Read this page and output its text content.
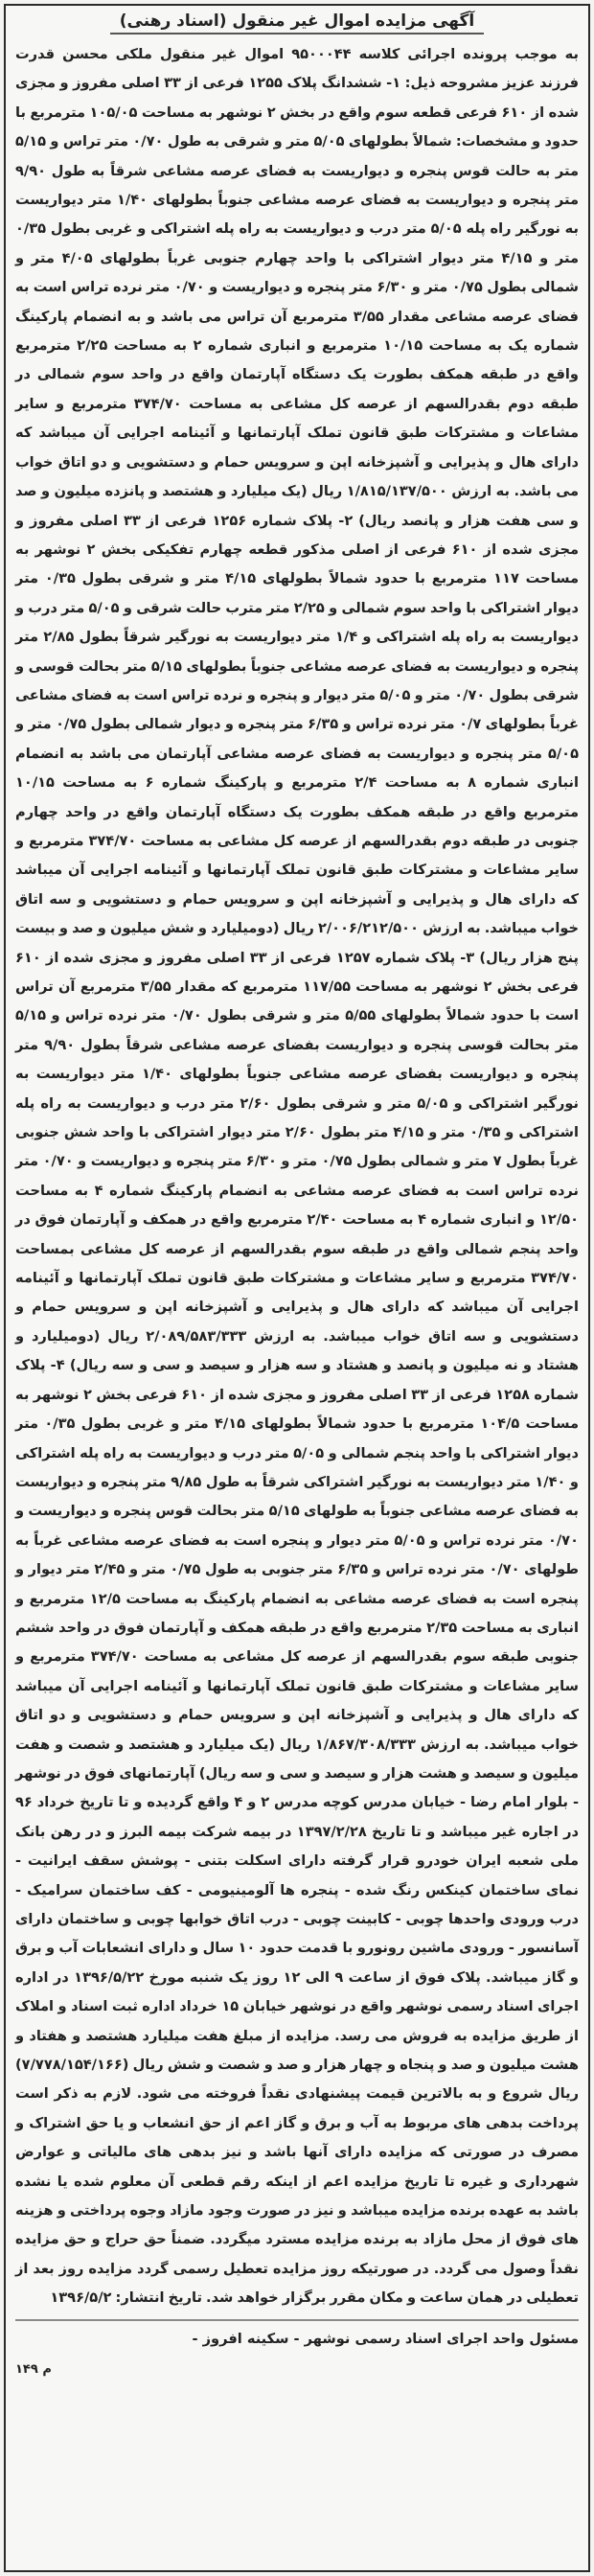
آگهی مزایده اموال غیر منقول (اسناد رهنی)

به موجب پرونده اجرائی کلاسه ۹۵۰۰۰۴۴ اموال غیر منقول ملکی محسن قدرت فرزند عزیز مشروحه ذیل: ۱- ششدانگ پلاک ۱۲۵۵ فرعی از ۳۳ اصلی مفروز و مجزی شده از ۶۱۰ فرعی قطعه سوم واقع در بخش ۲ نوشهر به مساحت ۱۰۵/۰۵ مترمربع با حدود و مشخصات: شمالاً بطولهای ۵/۰۵ متر و شرقی به طول ۰/۷۰ متر تراس و ۵/۱۵ متر به حالت قوس پنجره و دیواریست به فضای عرصه مشاعی شرقاً به طول ۹/۹۰ متر پنجره و دیواریست به فضای عرصه مشاعی جنوباً بطولهای ۱/۴۰ متر دیواریست به نورگیر راه پله ۵/۰۵ متر درب و دیواریست به راه پله اشتراکی و غربی بطول ۰/۳۵ متر و ۴/۱۵ متر دیوار اشتراکی با واحد چهارم جنوبی غرباً بطولهای ۴/۰۵ متر و شمالی بطول ۰/۷۵ متر و ۶/۳۰ متر پنجره و دیواریست و ۰/۷۰ متر نرده تراس است به فضای عرصه مشاعی مقدار ۳/۵۵ مترمربع آن تراس می باشد و به انضمام پارکینگ شماره یک به مساحت ۱۰/۱۵ مترمربع و انباری شماره ۲ به مساحت ۲/۲۵ مترمربع واقع در طبقه همکف بطورت یک دستگاه آپارتمان واقع در واحد سوم شمالی در طبقه دوم بقدرالسهم از عرصه کل مشاعی به مساحت ۳۷۴/۷۰ مترمربع و سایر مشاعات و مشترکات طبق قانون تملک آپارتمانها و آئینامه اجرایی آن میباشد که دارای هال و پذیرایی و آشپزخانه اپن و سرویس حمام و دستشویی و دو اتاق خواب می باشد. به ارزش ۱/۸۱۵/۱۳۷/۵۰۰ ریال (یک میلیارد و هشتصد و پانزده میلیون و صد و سی هفت هزار و پانصد ریال) ۲- پلاک شماره ۱۲۵۶ فرعی از ۳۳ اصلی مفروز و مجزی شده از ۶۱۰ فرعی از اصلی مذکور قطعه چهارم تفکیکی بخش ۲ نوشهر به مساحت ۱۱۷ مترمربع با حدود شمالاً بطولهای ۴/۱۵ متر و شرقی بطول ۰/۳۵ متر دیوار اشتراکی با واحد سوم شمالی و ۲/۲۵ متر مترب حالت شرقی و ۵/۰۵ متر درب و دیواریست به راه پله اشتراکی و ۱/۴ متر دیواریست به نورگیر شرقاً بطول ۲/۸۵ متر پنجره و دیواریست به فضای عرصه مشاعی جنوباً بطولهای ۵/۱۵ متر بحالت قوسی و شرقی بطول ۰/۷۰ متر و ۵/۰۵ متر دیوار و پنجره و نرده تراس است به فضای مشاعی غرباً بطولهای ۰/۷ متر نرده تراس و ۶/۳۵ متر پنجره و دیوار شمالی بطول ۰/۷۵ متر و ۵/۰۵ متر پنجره و دیواریست به فضای عرصه مشاعی آپارتمان می باشد به انضمام انباری شماره ۸ به مساحت ۲/۴ مترمربع و پارکینگ شماره ۶ به مساحت ۱۰/۱۵ مترمربع واقع در طبقه همکف بطورت یک دستگاه آپارتمان واقع در واحد چهارم جنوبی در طبقه دوم بقدرالسهم از عرصه کل مشاعی به مساحت ۳۷۴/۷۰ مترمربع و سایر مشاعات و مشترکات طبق قانون تملک آپارتمانها و آئینامه اجرایی آن میباشد که دارای هال و پذیرایی و آشپزخانه اپن و سرویس حمام و دستشویی و سه اتاق خواب میباشد. به ارزش ۲/۰۰۶/۲۱۲/۵۰۰ ریال (دومیلیارد و شش میلیون و صد و بیست پنج هزار ریال) ۳- پلاک شماره ۱۲۵۷ فرعی از ۳۳ اصلی مفروز و مجزی شده از ۶۱۰ فرعی بخش ۲ نوشهر به مساحت ۱۱۷/۵۵ مترمربع که مقدار ۳/۵۵ مترمربع آن تراس است با حدود شمالاً بطولهای ۵/۵۵ متر و شرقی بطول ۰/۷۰ متر نرده تراس و ۵/۱۵ متر بحالت قوسی پنجره و دیواریست بفضای عرصه مشاعی شرقاً بطول ۹/۹۰ متر پنجره و دیواریست بفضای عرصه مشاعی جنوباً بطولهای ۱/۴۰ متر دیواریست به نورگیر اشتراکی و ۵/۰۵ متر و شرقی بطول ۲/۶۰ متر درب و دیواریست به راه پله اشتراکی و ۰/۳۵ متر و ۴/۱۵ متر بطول ۲/۶۰ متر دیوار اشتراکی با واحد شش جنوبی غرباً بطول ۷ متر و شمالی بطول ۰/۷۵ متر و ۶/۳۰ متر پنجره و دیواریست و ۰/۷۰ متر نرده تراس است به فضای عرصه مشاعی به انضمام پارکینگ شماره ۴ به مساحت ۱۲/۵۰ و انباری شماره ۴ به مساحت ۲/۴۰ مترمربع واقع در همکف و آپارتمان فوق در واحد پنجم شمالی واقع در طبقه سوم بقدرالسهم از عرصه کل مشاعی بمساحت ۳۷۴/۷۰ مترمربع و سایر مشاعات و مشترکات طبق قانون تملک آپارتمانها و آئینامه اجرایی آن میباشد که دارای هال و پذیرایی و آشپزخانه اپن و سرویس حمام و دستشویی و سه اتاق خواب میباشد. به ارزش ۲/۰۸۹/۵۸۳/۳۳۳ ریال (دومیلیارد و هشتاد و نه میلیون و پانصد و هشتاد و سه هزار و سیصد و سی و سه ریال) ۴- پلاک شماره ۱۲۵۸ فرعی از ۳۳ اصلی مفروز و مجزی شده از ۶۱۰ فرعی بخش ۲ نوشهر به مساحت ۱۰۴/۵ مترمربع با حدود شمالاً بطولهای ۴/۱۵ متر و غربی بطول ۰/۳۵ متر دیوار اشتراکی با واحد پنجم شمالی و ۵/۰۵ متر درب و دیواریست به راه پله اشتراکی و ۱/۴۰ متر دیواریست به نورگیر اشتراکی شرقاً به طول ۹/۸۵ متر پنجره و دیواریست به فضای عرصه مشاعی جنوباً به طولهای ۵/۱۵ متر بحالت قوس پنجره و دیواریست و ۰/۷۰ متر نرده تراس و ۵/۰۵ متر دیوار و پنجره است به فضای عرصه مشاعی غرباً به طولهای ۰/۷۰ متر نرده تراس و ۶/۳۵ متر جنوبی به طول ۰/۷۵ متر و ۲/۴۵ متر دیوار و پنجره است به فضای عرصه مشاعی به انضمام پارکینگ به مساحت ۱۲/۵ مترمربع و انباری به مساحت ۲/۳۵ مترمربع واقع در طبقه همکف و آپارتمان فوق در واحد ششم جنوبی طبقه سوم بقدرالسهم از عرصه کل مشاعی به مساحت ۳۷۴/۷۰ مترمربع و سایر مشاعات و مشترکات طبق قانون تملک آپارتمانها و آئینامه اجرایی آن میباشد که دارای هال و پذیرایی و آشپزخانه اپن و سرویس حمام و دستشویی و دو اتاق خواب میباشد. به ارزش ۱/۸۶۷/۳۰۸/۳۳۳ ریال (یک میلیارد و هشتصد و شصت و هفت میلیون و سیصد و هشت هزار و سیصد و سی و سه ریال) آپارتمانهای فوق در نوشهر - بلوار امام رضا - خیابان مدرس کوچه مدرس ۲ و ۴ واقع گردیده و تا تاریخ خرداد ۹۶ در اجاره غیر میباشد و تا تاریخ ۱۳۹۷/۲/۲۸ در بیمه شرکت بیمه البرز و در رهن بانک ملی شعبه ایران خودرو قرار گرفته دارای اسکلت بتنی - پوشش سقف ایرانیت - نمای ساختمان کینکس رنگ شده - پنجره ها آلومینیومی - کف ساختمان سرامیک - درب ورودی واحدها چوبی - کابینت چوبی - درب اتاق خوابها چوبی و ساختمان دارای آسانسور - ورودی ماشین رونورو با قدمت حدود ۱۰ سال و دارای انشعابات آب و برق و گاز میباشد. پلاک فوق از ساعت ۹ الی ۱۲ روز یک شنبه مورخ ۱۳۹۶/۵/۲۲ در اداره اجرای اسناد رسمی نوشهر واقع در نوشهر خیابان ۱۵ خرداد اداره ثبت اسناد و املاک از طریق مزایده به فروش می رسد. مزایده از مبلغ هفت میلیارد هشتصد و هفتاد و هشت میلیون و صد و پنجاه و چهار هزار و صد و شصت و شش ریال (۷/۷۷۸/۱۵۴/۱۶۶) ریال شروع و به بالاترین قیمت پیشنهادی نقداً فروخته می شود. لازم به ذکر است پرداخت بدهی های مربوط به آب و برق و گاز اعم از حق انشعاب و یا حق اشتراک و مصرف در صورتی که مزایده دارای آنها باشد و نیز بدهی های مالیاتی و عوارض شهرداری و غیره تا تاریخ مزایده اعم از اینکه رقم قطعی آن معلوم شده یا نشده باشد به عهده برنده مزایده میباشد و نیز در صورت وجود مازاد وجوه پرداختی و هزینه های فوق از محل مازاد به برنده مزایده مسترد میگردد. ضمناً حق حراج و حق مزایده نقداً وصول می گردد. در صورتیکه روز مزایده تعطیل رسمی گردد مزایده روز بعد از تعطیلی در همان ساعت و مکان مقرر برگزار خواهد شد. تاریخ انتشار: ۱۳۹۶/۵/۲

مسئول واحد اجرای اسناد رسمی نوشهر - سکینه افروز -
م ۱۴۹
